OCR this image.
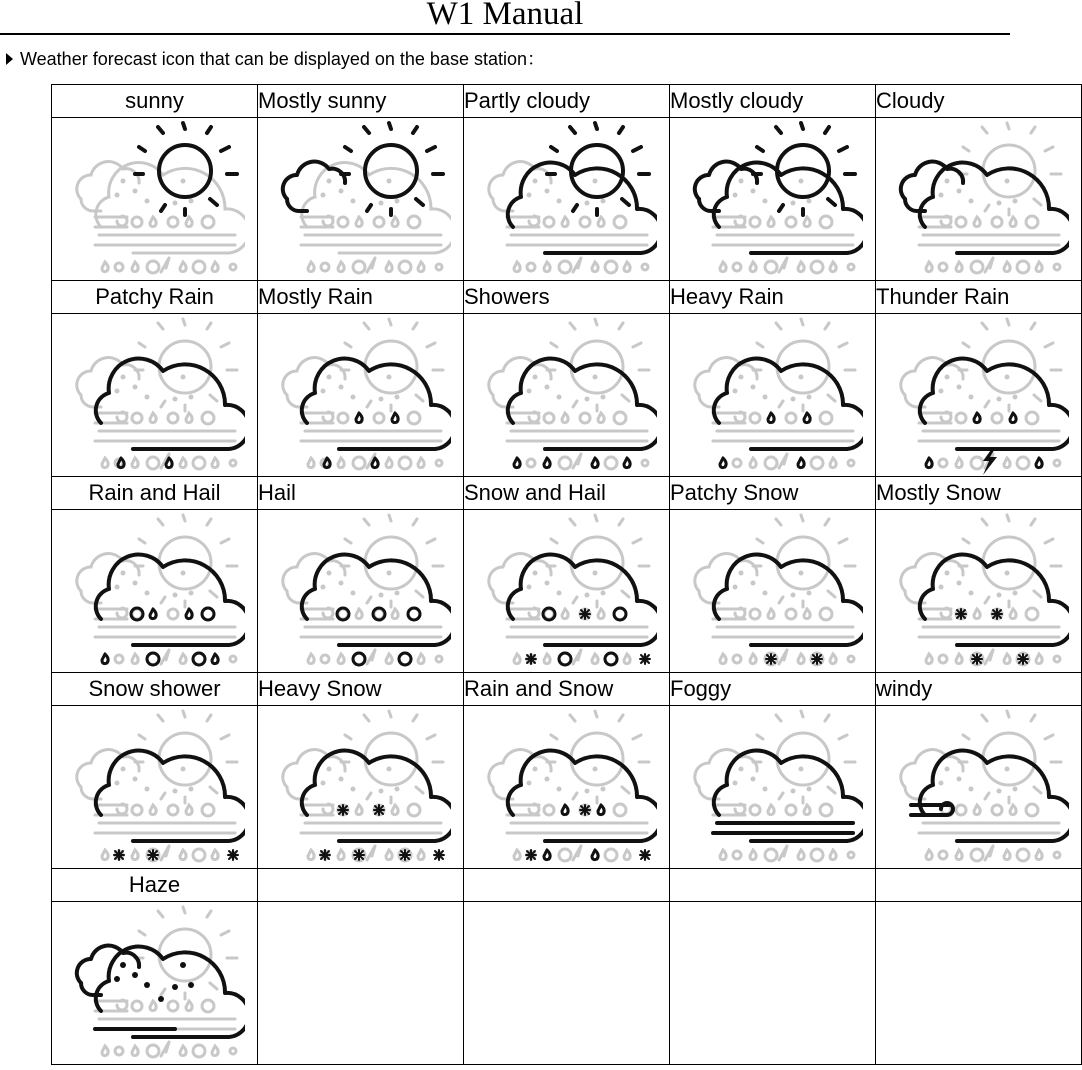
W1 Manual
Weather forecast icon that can be displayed on the base station：
sunny	Mostly sunny	Partly cloudy	Mostly cloudy	Cloudy

Patchy Rain	Mostly Rain	Showers	Heavy Rain	Thunder Rain

Rain and Hail	Hail	Snow and Hail	Patchy Snow	Mostly Snow

Snow shower	Heavy Snow	Rain and Snow	Foggy	windy

Haze				
